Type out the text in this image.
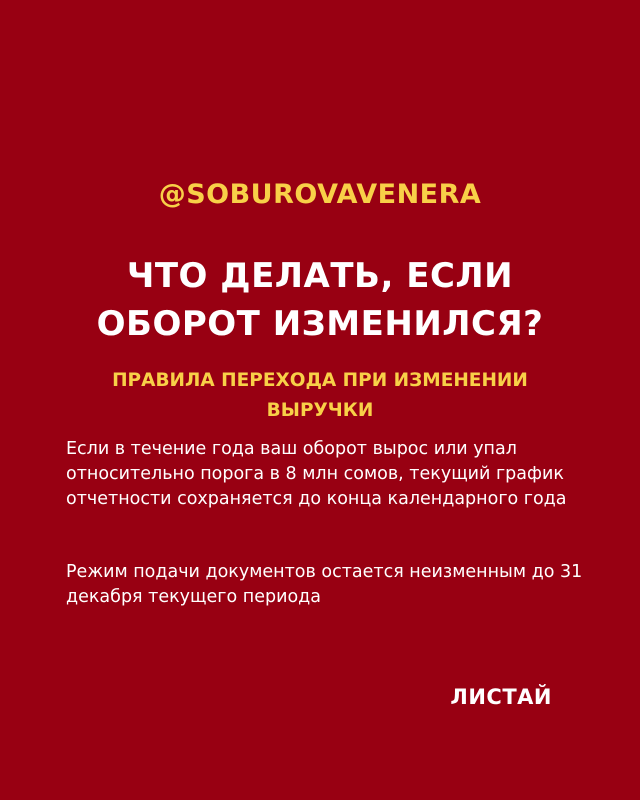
@SOBUROVAVENERA
ЧТО ДЕЛАТЬ, ЕСЛИ ОБОРОТ ИЗМЕНИЛСЯ?
ПРАВИЛА ПЕРЕХОДА ПРИ ИЗМЕНЕНИИ ВЫРУЧКИ
Если в течение года ваш оборот вырос или упал относительно порога в 8 млн сомов, текущий график отчетности сохраняется до конца календарного года
Режим подачи документов остается неизменным до 31 декабря текущего периода
ЛИСТАЙ
